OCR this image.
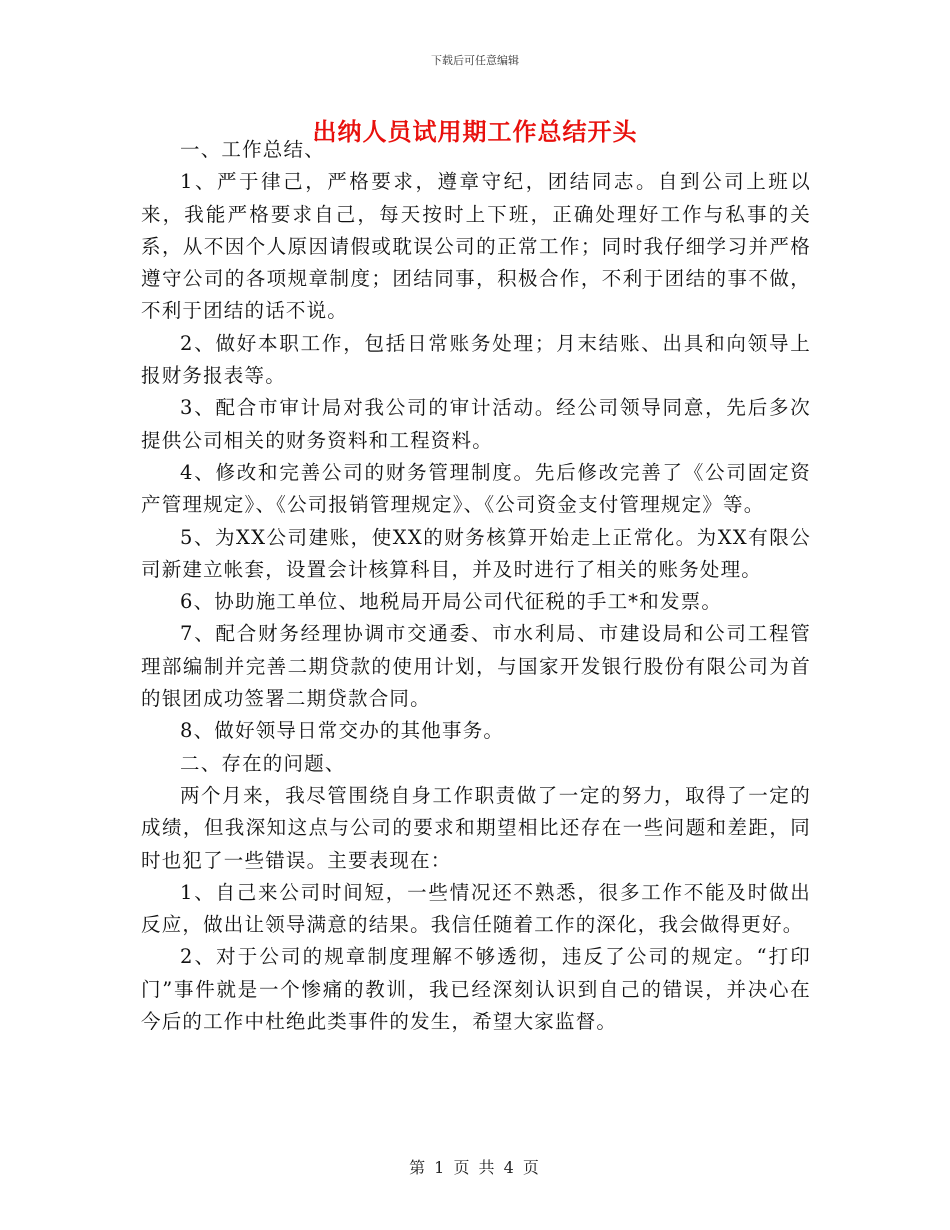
下载后可任意编辑
出纳人员试用期工作总结开头

一、工作总结、

1、严于律己，严格要求，遵章守纪，团结同志。自到公司上班以来，我能严格要求自己，每天按时上下班，正确处理好工作与私事的关系，从不因个人原因请假或耽误公司的正常工作；同时我仔细学习并严格遵守公司的各项规章制度；团结同事，积极合作，不利于团结的事不做，不利于团结的话不说。

2、做好本职工作，包括日常账务处理；月末结账、出具和向领导上报财务报表等。

3、配合市审计局对我公司的审计活动。经公司领导同意，先后多次提供公司相关的财务资料和工程资料。

4、修改和完善公司的财务管理制度。先后修改完善了《公司固定资产管理规定》、《公司报销管理规定》、《公司资金支付管理规定》等。

5、为XX公司建账，使XX的财务核算开始走上正常化。为XX有限公司新建立帐套，设置会计核算科目，并及时进行了相关的账务处理。

6、协助施工单位、地税局开局公司代征税的手工*和发票。

7、配合财务经理协调市交通委、市水利局、市建设局和公司工程管理部编制并完善二期贷款的使用计划，与国家开发银行股份有限公司为首的银团成功签署二期贷款合同。

8、做好领导日常交办的其他事务。

二、存在的问题、

两个月来，我尽管围绕自身工作职责做了一定的努力，取得了一定的成绩，但我深知这点与公司的要求和期望相比还存在一些问题和差距，同时也犯了一些错误。主要表现在：

1、自己来公司时间短，一些情况还不熟悉，很多工作不能及时做出反应，做出让领导满意的结果。我信任随着工作的深化，我会做得更好。

2、对于公司的规章制度理解不够透彻，违反了公司的规定。“打印门”事件就是一个惨痛的教训，我已经深刻认识到自己的错误，并决心在今后的工作中杜绝此类事件的发生，希望大家监督。

第 1 页 共 4 页
